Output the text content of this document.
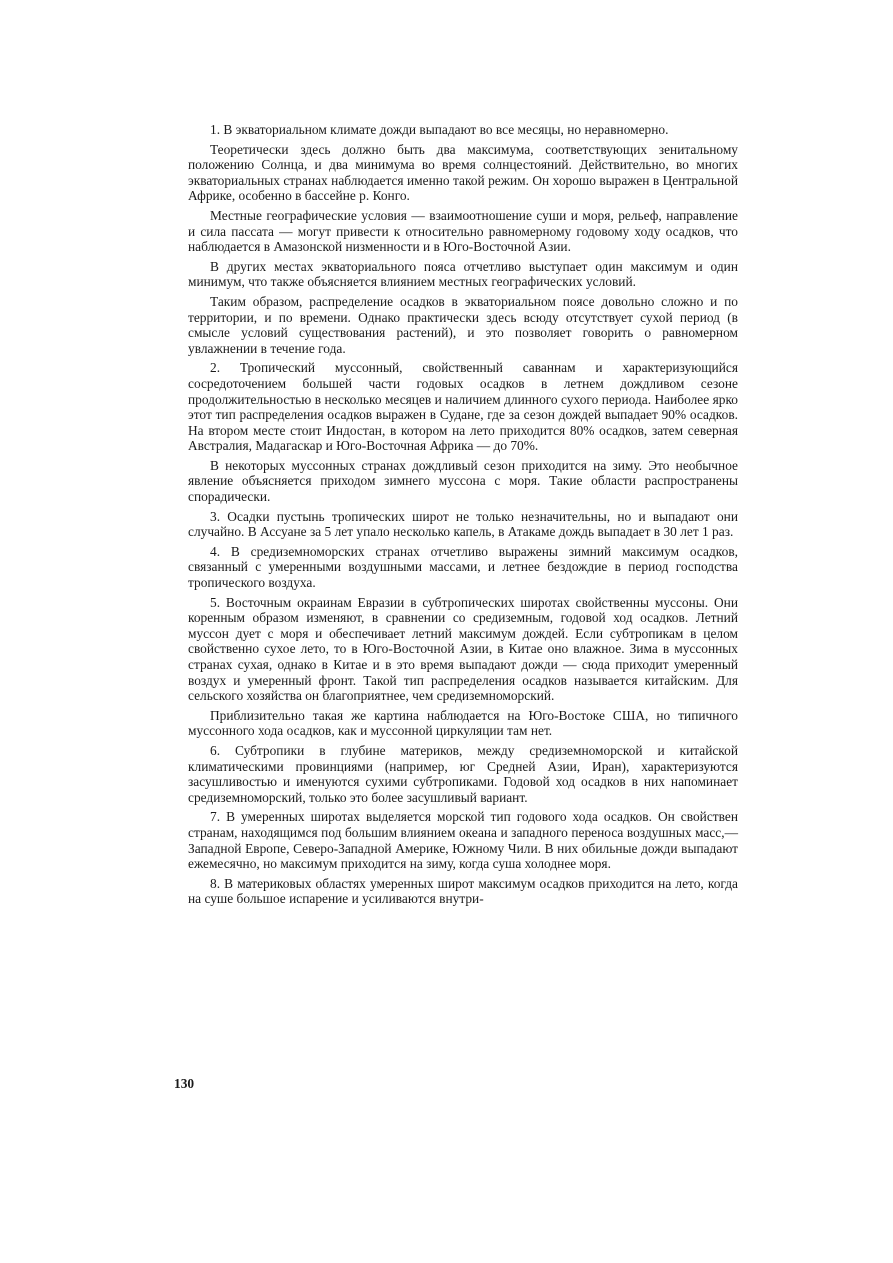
1. В экваториальном климате дожди выпадают во все месяцы, но неравномерно.

Теоретически здесь должно быть два максимума, соответствующих зенитальному положению Солнца, и два минимума во время солнцестояний. Действительно, во многих экваториальных странах наблюдается именно такой режим. Он хорошо выражен в Центральной Африке, особенно в бассейне р. Конго.

Местные географические условия — взаимоотношение суши и моря, рельеф, направление и сила пассата — могут привести к относительно равномерному годовому ходу осадков, что наблюдается в Амазонской низменности и в Юго-Восточной Азии.

В других местах экваториального пояса отчетливо выступает один максимум и один минимум, что также объясняется влиянием местных географических условий.

Таким образом, распределение осадков в экваториальном поясе довольно сложно и по территории, и по времени. Однако практически здесь всюду отсутствует сухой период (в смысле условий существования растений), и это позволяет говорить о равномерном увлажнении в течение года.

2. Тропический муссонный, свойственный саваннам и характеризующийся сосредоточением большей части годовых осадков в летнем дождливом сезоне продолжительностью в несколько месяцев и наличием длинного сухого периода. Наиболее ярко этот тип распределения осадков выражен в Судане, где за сезон дождей выпадает 90% осадков. На втором месте стоит Индостан, в котором на лето приходится 80% осадков, затем северная Австралия, Мадагаскар и Юго-Восточная Африка — до 70%.

В некоторых муссонных странах дождливый сезон приходится на зиму. Это необычное явление объясняется приходом зимнего муссона с моря. Такие области распространены спорадически.

3. Осадки пустынь тропических широт не только незначительны, но и выпадают они случайно. В Ассуане за 5 лет упало несколько капель, в Атакаме дождь выпадает в 30 лет 1 раз.

4. В средиземноморских странах отчетливо выражены зимний максимум осадков, связанный с умеренными воздушными массами, и летнее бездождие в период господства тропического воздуха.

5. Восточным окраинам Евразии в субтропических широтах свойственны муссоны. Они коренным образом изменяют, в сравнении со средиземным, годовой ход осадков. Летний муссон дует с моря и обеспечивает летний максимум дождей. Если субтропикам в целом свойственно сухое лето, то в Юго-Восточной Азии, в Китае оно влажное. Зима в муссонных странах сухая, однако в Китае и в это время выпадают дожди — сюда приходит умеренный воздух и умеренный фронт. Такой тип распределения осадков называется китайским. Для сельского хозяйства он благоприятнее, чем средиземноморский.

Приблизительно такая же картина наблюдается на Юго-Востоке США, но типичного муссонного хода осадков, как и муссонной циркуляции там нет.

6. Субтропики в глубине материков, между средиземноморской и китайской климатическими провинциями (например, юг Средней Азии, Иран), характеризуются засушливостью и именуются сухими субтропиками. Годовой ход осадков в них напоминает средиземноморский, только это более засушливый вариант.

7. В умеренных широтах выделяется морской тип годового хода осадков. Он свойствен странам, находящимся под большим влиянием океана и западного переноса воздушных масс,— Западной Европе, Северо-Западной Америке, Южному Чили. В них обильные дожди выпадают ежемесячно, но максимум приходится на зиму, когда суша холоднее моря.

8. В материковых областях умеренных широт максимум осадков приходится на лето, когда на суше большое испарение и усиливаются внутри-

130
